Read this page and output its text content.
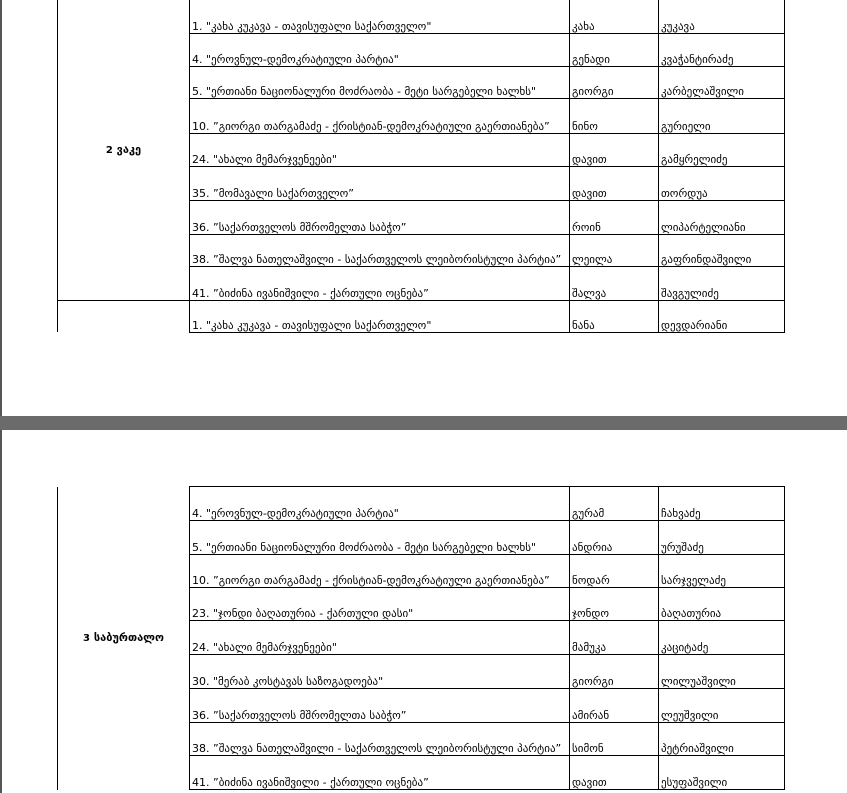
2 ვაკე	1. "კახა კუკავა - თავისუფალი საქართველო"	კახა	კუკავა
	4. "ეროვნულ-დემოკრატიული პარტია"	გენადი	კვაჭანტირაძე
	5. "ერთიანი ნაციონალური მოძრაობა - მეტი სარგებელი ხალხს"	გიორგი	კარბელაშვილი
	10. ”გიორგი თარგამაძე - ქრისტიან-დემოკრატიული გაერთიანება”	ნინო	გურიელი
	24. "ახალი მემარჯვენეები"	დავით	გამყრელიძე
	35. ”მომავალი საქართველო”	დავით	თორდუა
	36. ”საქართველოს მშრომელთა საბჭო”	როინ	ლიპარტელიანი
	38. ”შალვა ნათელაშვილი - საქართველოს ლეიბორისტული პარტია”	ლეილა	გაფრინდაშვილი
	41. ”ბიძინა ივანიშვილი - ქართული ოცნება”	შალვა	შავგულიძე
	1. "კახა კუკავა - თავისუფალი საქართველო"	ნანა	დევდარიანი
3 საბურთალო	4. "ეროვნულ-დემოკრატიული პარტია"	გურამ	ჩახვაძე
	5. "ერთიანი ნაციონალური მოძრაობა - მეტი სარგებელი ხალხს"	ანდრია	ურუშაძე
	10. ”გიორგი თარგამაძე - ქრისტიან-დემოკრატიული გაერთიანება”	ნოდარ	სარჯველაძე
	23. "ჯონდი ბაღათურია - ქართული დასი"	ჯონდო	ბაღათურია
	24. "ახალი მემარჯვენეები"	მამუკა	კაციტაძე
	30. "მერაბ კოსტავას საზოგადოება"	გიორგი	ლილუაშვილი
	36. ”საქართველოს მშრომელთა საბჭო”	ამირან	ლეუშვილი
	38. ”შალვა ნათელაშვილი - საქართველოს ლეიბორისტული პარტია”	სიმონ	პეტრიაშვილი
	41. ”ბიძინა ივანიშვილი - ქართული ოცნება”	დავით	ესუფაშვილი
